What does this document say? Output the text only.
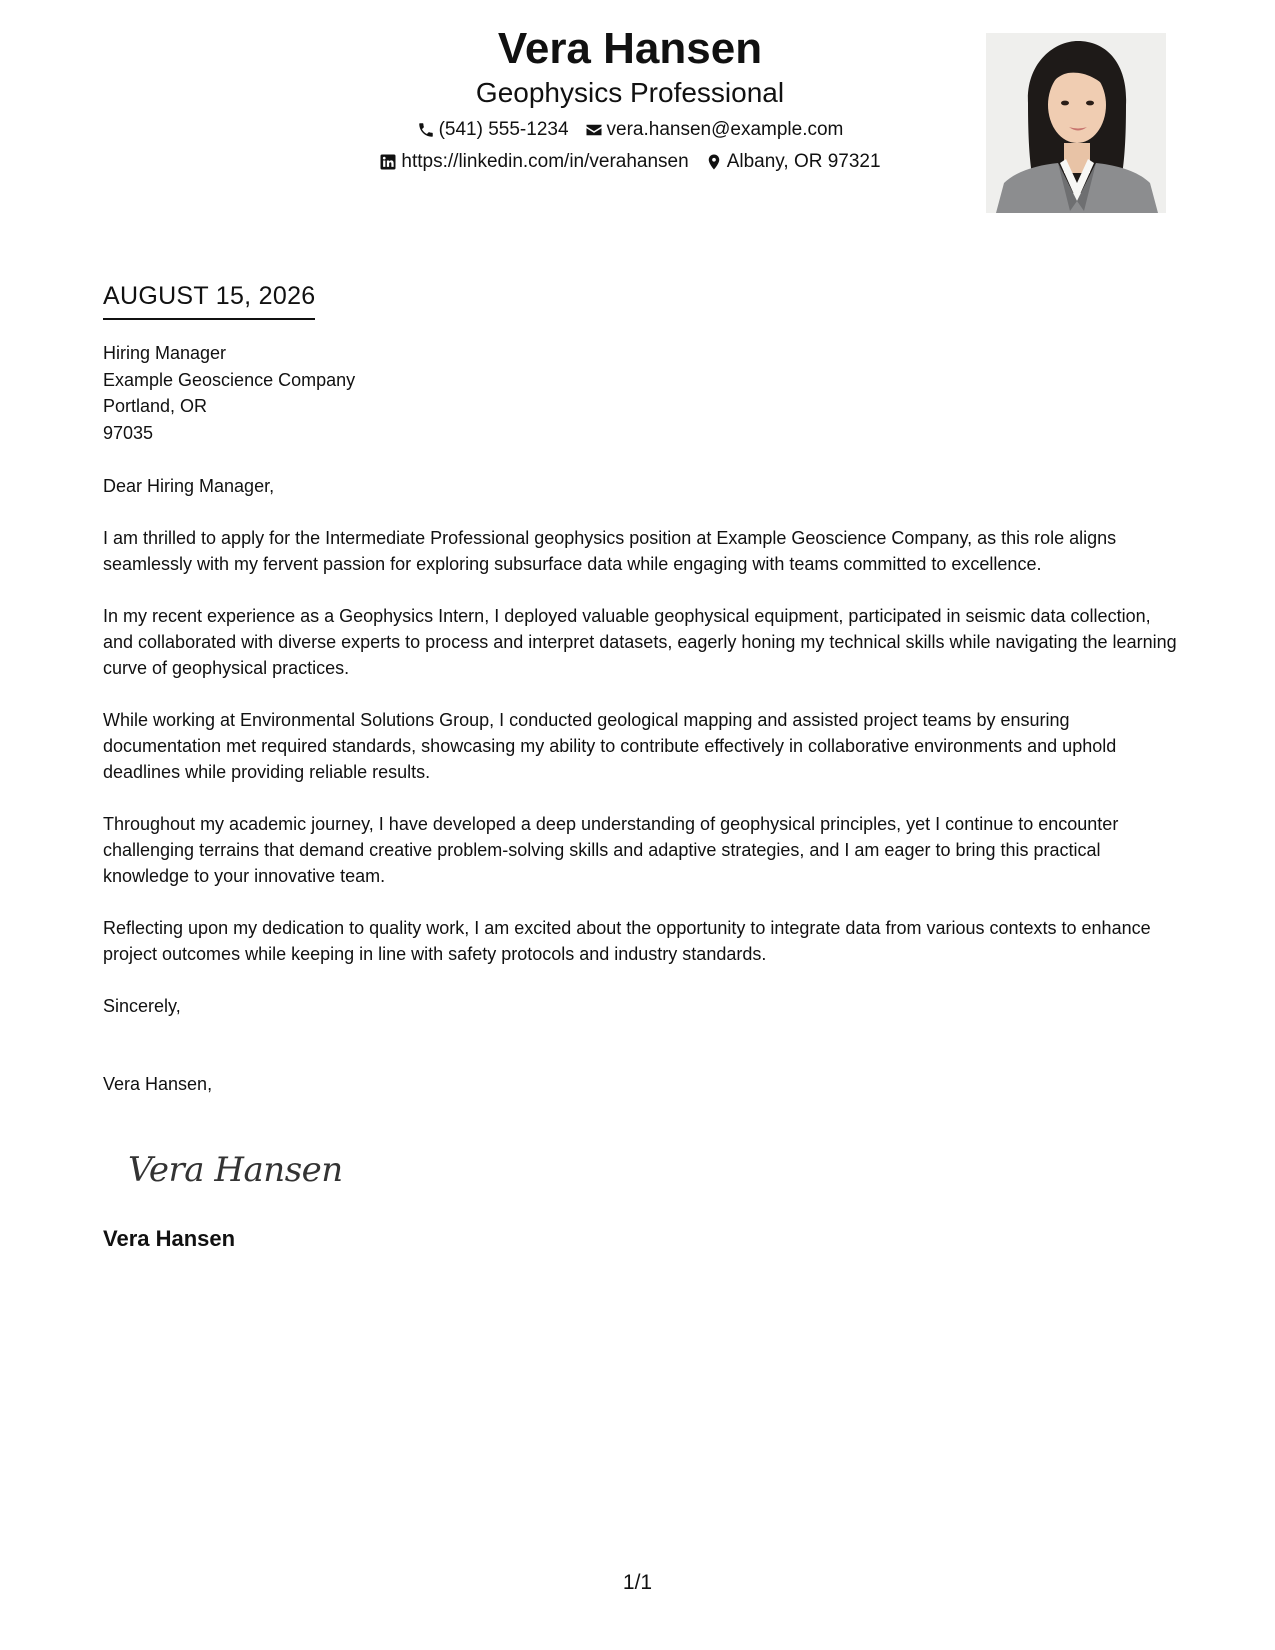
Vera Hansen
Geophysics Professional
(541) 555-1234 vera.hansen@example.com
https://linkedin.com/in/verahansen Albany, OR 97321
AUGUST 15, 2026
Hiring Manager
Example Geoscience Company
Portland, OR
97035
Dear Hiring Manager,
I am thrilled to apply for the Intermediate Professional geophysics position at Example Geoscience Company, as this role aligns seamlessly with my fervent passion for exploring subsurface data while engaging with teams committed to excellence.
In my recent experience as a Geophysics Intern, I deployed valuable geophysical equipment, participated in seismic data collection, and collaborated with diverse experts to process and interpret datasets, eagerly honing my technical skills while navigating the learning curve of geophysical practices.
While working at Environmental Solutions Group, I conducted geological mapping and assisted project teams by ensuring documentation met required standards, showcasing my ability to contribute effectively in collaborative environments and uphold deadlines while providing reliable results.
Throughout my academic journey, I have developed a deep understanding of geophysical principles, yet I continue to encounter challenging terrains that demand creative problem-solving skills and adaptive strategies, and I am eager to bring this practical knowledge to your innovative team.
Reflecting upon my dedication to quality work, I am excited about the opportunity to integrate data from various contexts to enhance project outcomes while keeping in line with safety protocols and industry standards.
Sincerely,
Vera Hansen,
Vera Hansen
Vera Hansen
1/1
